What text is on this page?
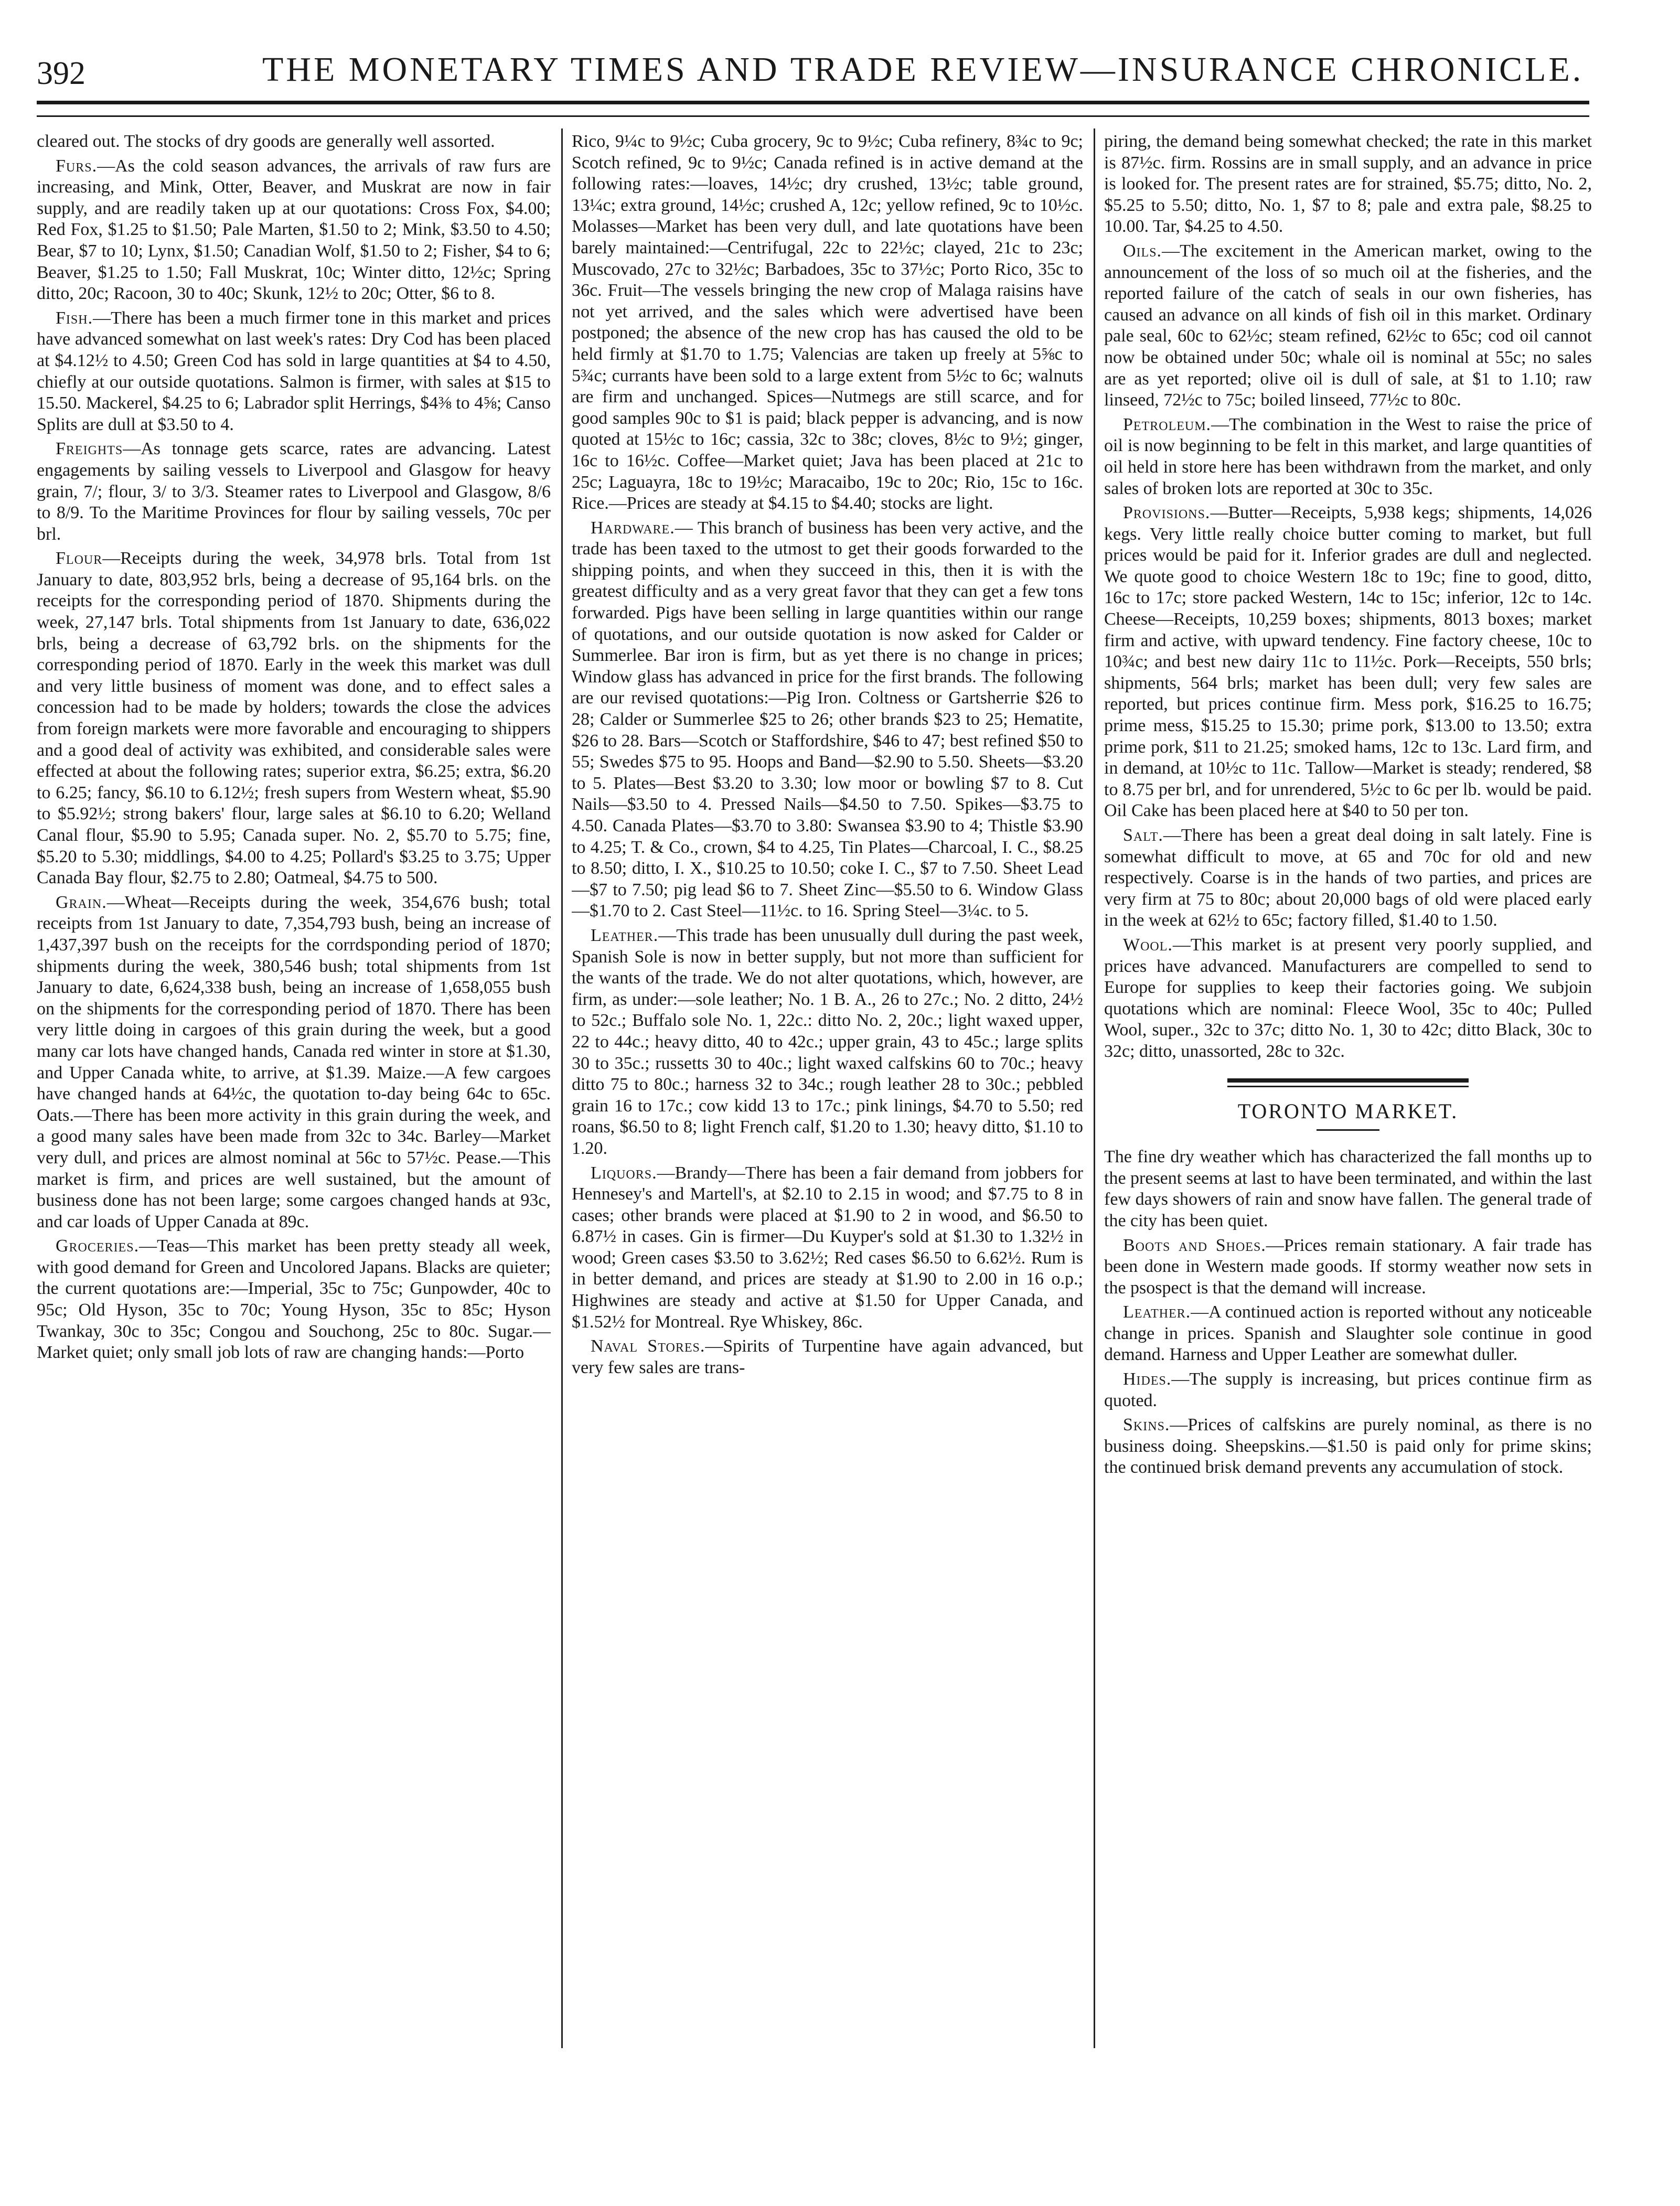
392	THE MONETARY TIMES AND TRADE REVIEW—INSURANCE CHRONICLE.

cleared out. The stocks of dry goods are generally well assorted.

Furs.—As the cold season advances, the arrivals of raw furs are increasing, and Mink, Otter, Beaver, and Muskrat are now in fair supply, and are readily taken up at our quotations: Cross Fox, $4.00; Red Fox, $1.25 to $1.50; Pale Marten, $1.50 to 2; Mink, $3.50 to 4.50; Bear, $7 to 10; Lynx, $1.50; Canadian Wolf, $1.50 to 2; Fisher, $4 to 6; Beaver, $1.25 to 1.50; Fall Muskrat, 10c; Winter ditto, 12½c; Spring ditto, 20c; Racoon, 30 to 40c; Skunk, 12½ to 20c; Otter, $6 to 8.

Fish.—There has been a much firmer tone in this market and prices have advanced somewhat on last week's rates: Dry Cod has been placed at $4.12½ to 4.50; Green Cod has sold in large quantities at $4 to 4.50, chiefly at our outside quotations. Salmon is firmer, with sales at $15 to 15.50. Mackerel, $4.25 to 6; Labrador split Herrings, $4⅜ to 4⅝; Canso Splits are dull at $3.50 to 4.

Freights—As tonnage gets scarce, rates are advancing. Latest engagements by sailing vessels to Liverpool and Glasgow for heavy grain, 7/; flour, 3/ to 3/3. Steamer rates to Liverpool and Glasgow, 8/6 to 8/9. To the Maritime Provinces for flour by sailing vessels, 70c per brl.

Flour—Receipts during the week, 34,978 brls. Total from 1st January to date, 803,952 brls, being a decrease of 95,164 brls. on the receipts for the corresponding period of 1870. Shipments during the week, 27,147 brls. Total shipments from 1st January to date, 636,022 brls, being a decrease of 63,792 brls. on the shipments for the corresponding period of 1870. Early in the week this market was dull and very little business of moment was done, and to effect sales a concession had to be made by holders; towards the close the advices from foreign markets were more favorable and encouraging to shippers and a good deal of activity was exhibited, and considerable sales were effected at about the following rates; superior extra, $6.25; extra, $6.20 to 6.25; fancy, $6.10 to 6.12½; fresh supers from Western wheat, $5.90 to $5.92½; strong bakers' flour, large sales at $6.10 to 6.20; Welland Canal flour, $5.90 to 5.95; Canada super. No. 2, $5.70 to 5.75; fine, $5.20 to 5.30; middlings, $4.00 to 4.25; Pollard's $3.25 to 3.75; Upper Canada Bay flour, $2.75 to 2.80; Oatmeal, $4.75 to 500.

Grain.—Wheat—Receipts during the week, 354,676 bush; total receipts from 1st January to date, 7,354,793 bush, being an increase of 1,437,397 bush on the receipts for the corrdsponding period of 1870; shipments during the week, 380,546 bush; total shipments from 1st January to date, 6,624,338 bush, being an increase of 1,658,055 bush on the shipments for the corresponding period of 1870. There has been very little doing in cargoes of this grain during the week, but a good many car lots have changed hands, Canada red winter in store at $1.30, and Upper Canada white, to arrive, at $1.39. Maize.—A few cargoes have changed hands at 64½c, the quotation to-day being 64c to 65c. Oats.—There has been more activity in this grain during the week, and a good many sales have been made from 32c to 34c. Barley—Market very dull, and prices are almost nominal at 56c to 57½c. Pease.—This market is firm, and prices are well sustained, but the amount of business done has not been large; some cargoes changed hands at 93c, and car loads of Upper Canada at 89c.

Groceries.—Teas—This market has been pretty steady all week, with good demand for Green and Uncolored Japans. Blacks are quieter; the current quotations are:—Imperial, 35c to 75c; Gunpowder, 40c to 95c; Old Hyson, 35c to 70c; Young Hyson, 35c to 85c; Hyson Twankay, 30c to 35c; Congou and Souchong, 25c to 80c. Sugar.—Market quiet; only small job lots of raw are changing hands:—Porto

Rico, 9¼c to 9½c; Cuba grocery, 9c to 9½c; Cuba refinery, 8¾c to 9c; Scotch refined, 9c to 9½c; Canada refined is in active demand at the following rates:—loaves, 14½c; dry crushed, 13½c; table ground, 13¼c; extra ground, 14½c; crushed A, 12c; yellow refined, 9c to 10½c. Molasses—Market has been very dull, and late quotations have been barely maintained:—Centrifugal, 22c to 22½c; clayed, 21c to 23c; Muscovado, 27c to 32½c; Barbadoes, 35c to 37½c; Porto Rico, 35c to 36c. Fruit—The vessels bringing the new crop of Malaga raisins have not yet arrived, and the sales which were advertised have been postponed; the absence of the new crop has has caused the old to be held firmly at $1.70 to 1.75; Valencias are taken up freely at 5⅝c to 5¾c; currants have been sold to a large extent from 5½c to 6c; walnuts are firm and unchanged. Spices—Nutmegs are still scarce, and for good samples 90c to $1 is paid; black pepper is advancing, and is now quoted at 15½c to 16c; cassia, 32c to 38c; cloves, 8½c to 9½; ginger, 16c to 16½c. Coffee—Market quiet; Java has been placed at 21c to 25c; Laguayra, 18c to 19½c; Maracaibo, 19c to 20c; Rio, 15c to 16c. Rice.—Prices are steady at $4.15 to $4.40; stocks are light.

Hardware.— This branch of business has been very active, and the trade has been taxed to the utmost to get their goods forwarded to the shipping points, and when they succeed in this, then it is with the greatest difficulty and as a very great favor that they can get a few tons forwarded. Pigs have been selling in large quantities within our range of quotations, and our outside quotation is now asked for Calder or Summerlee. Bar iron is firm, but as yet there is no change in prices; Window glass has advanced in price for the first brands. The following are our revised quotations:—Pig Iron. Coltness or Gartsherrie $26 to 28; Calder or Summerlee $25 to 26; other brands $23 to 25; Hematite, $26 to 28. Bars—Scotch or Staffordshire, $46 to 47; best refined $50 to 55; Swedes $75 to 95. Hoops and Band—$2.90 to 5.50. Sheets—$3.20 to 5. Plates—Best $3.20 to 3.30; low moor or bowling $7 to 8. Cut Nails—$3.50 to 4. Pressed Nails—$4.50 to 7.50. Spikes—$3.75 to 4.50. Canada Plates—$3.70 to 3.80: Swansea $3.90 to 4; Thistle $3.90 to 4.25; T. & Co., crown, $4 to 4.25, Tin Plates—Charcoal, I. C., $8.25 to 8.50; ditto, I. X., $10.25 to 10.50; coke I. C., $7 to 7.50. Sheet Lead—$7 to 7.50; pig lead $6 to 7. Sheet Zinc—$5.50 to 6. Window Glass—$1.70 to 2. Cast Steel—11½c. to 16. Spring Steel—3¼c. to 5.

Leather.—This trade has been unusually dull during the past week, Spanish Sole is now in better supply, but not more than sufficient for the wants of the trade. We do not alter quotations, which, however, are firm, as under:—sole leather; No. 1 B. A., 26 to 27c.; No. 2 ditto, 24½ to 52c.; Buffalo sole No. 1, 22c.: ditto No. 2, 20c.; light waxed upper, 22 to 44c.; heavy ditto, 40 to 42c.; upper grain, 43 to 45c.; large splits 30 to 35c.; russetts 30 to 40c.; light waxed calfskins 60 to 70c.; heavy ditto 75 to 80c.; harness 32 to 34c.; rough leather 28 to 30c.; pebbled grain 16 to 17c.; cow kidd 13 to 17c.; pink linings, $4.70 to 5.50; red roans, $6.50 to 8; light French calf, $1.20 to 1.30; heavy ditto, $1.10 to 1.20.

Liquors.—Brandy—There has been a fair demand from jobbers for Hennesey's and Martell's, at $2.10 to 2.15 in wood; and $7.75 to 8 in cases; other brands were placed at $1.90 to 2 in wood, and $6.50 to 6.87½ in cases. Gin is firmer—Du Kuyper's sold at $1.30 to 1.32½ in wood; Green cases $3.50 to 3.62½; Red cases $6.50 to 6.62½. Rum is in better demand, and prices are steady at $1.90 to 2.00 in 16 o.p.; Highwines are steady and active at $1.50 for Upper Canada, and $1.52½ for Montreal. Rye Whiskey, 86c.

Naval Stores.—Spirits of Turpentine have again advanced, but very few sales are trans-

piring, the demand being somewhat checked; the rate in this market is 87½c. firm. Rossins are in small supply, and an advance in price is looked for. The present rates are for strained, $5.75; ditto, No. 2, $5.25 to 5.50; ditto, No. 1, $7 to 8; pale and extra pale, $8.25 to 10.00. Tar, $4.25 to 4.50.

Oils.—The excitement in the American market, owing to the announcement of the loss of so much oil at the fisheries, and the reported failure of the catch of seals in our own fisheries, has caused an advance on all kinds of fish oil in this market. Ordinary pale seal, 60c to 62½c; steam refined, 62½c to 65c; cod oil cannot now be obtained under 50c; whale oil is nominal at 55c; no sales are as yet reported; olive oil is dull of sale, at $1 to 1.10; raw linseed, 72½c to 75c; boiled linseed, 77½c to 80c.

Petroleum.—The combination in the West to raise the price of oil is now beginning to be felt in this market, and large quantities of oil held in store here has been withdrawn from the market, and only sales of broken lots are reported at 30c to 35c.

Provisions.—Butter—Receipts, 5,938 kegs; shipments, 14,026 kegs. Very little really choice butter coming to market, but full prices would be paid for it. Inferior grades are dull and neglected. We quote good to choice Western 18c to 19c; fine to good, ditto, 16c to 17c; store packed Western, 14c to 15c; inferior, 12c to 14c. Cheese—Receipts, 10,259 boxes; shipments, 8013 boxes; market firm and active, with upward tendency. Fine factory cheese, 10c to 10¾c; and best new dairy 11c to 11½c. Pork—Receipts, 550 brls; shipments, 564 brls; market has been dull; very few sales are reported, but prices continue firm. Mess pork, $16.25 to 16.75; prime mess, $15.25 to 15.30; prime pork, $13.00 to 13.50; extra prime pork, $11 to 21.25; smoked hams, 12c to 13c. Lard firm, and in demand, at 10½c to 11c. Tallow—Market is steady; rendered, $8 to 8.75 per brl, and for unrendered, 5½c to 6c per lb. would be paid. Oil Cake has been placed here at $40 to 50 per ton.

Salt.—There has been a great deal doing in salt lately. Fine is somewhat difficult to move, at 65 and 70c for old and new respectively. Coarse is in the hands of two parties, and prices are very firm at 75 to 80c; about 20,000 bags of old were placed early in the week at 62½ to 65c; factory filled, $1.40 to 1.50.

Wool.—This market is at present very poorly supplied, and prices have advanced. Manufacturers are compelled to send to Europe for supplies to keep their factories going. We subjoin quotations which are nominal: Fleece Wool, 35c to 40c; Pulled Wool, super., 32c to 37c; ditto No. 1, 30 to 42c; ditto Black, 30c to 32c; ditto, unassorted, 28c to 32c.

TORONTO MARKET.

The fine dry weather which has characterized the fall months up to the present seems at last to have been terminated, and within the last few days showers of rain and snow have fallen. The general trade of the city has been quiet.

Boots and Shoes.—Prices remain stationary. A fair trade has been done in Western made goods. If stormy weather now sets in the psospect is that the demand will increase.

Leather.—A continued action is reported without any noticeable change in prices. Spanish and Slaughter sole continue in good demand. Harness and Upper Leather are somewhat duller.

Hides.—The supply is increasing, but prices continue firm as quoted.

Skins.—Prices of calfskins are purely nominal, as there is no business doing. Sheepskins.—$1.50 is paid only for prime skins; the continued brisk demand prevents any accumulation of stock.
